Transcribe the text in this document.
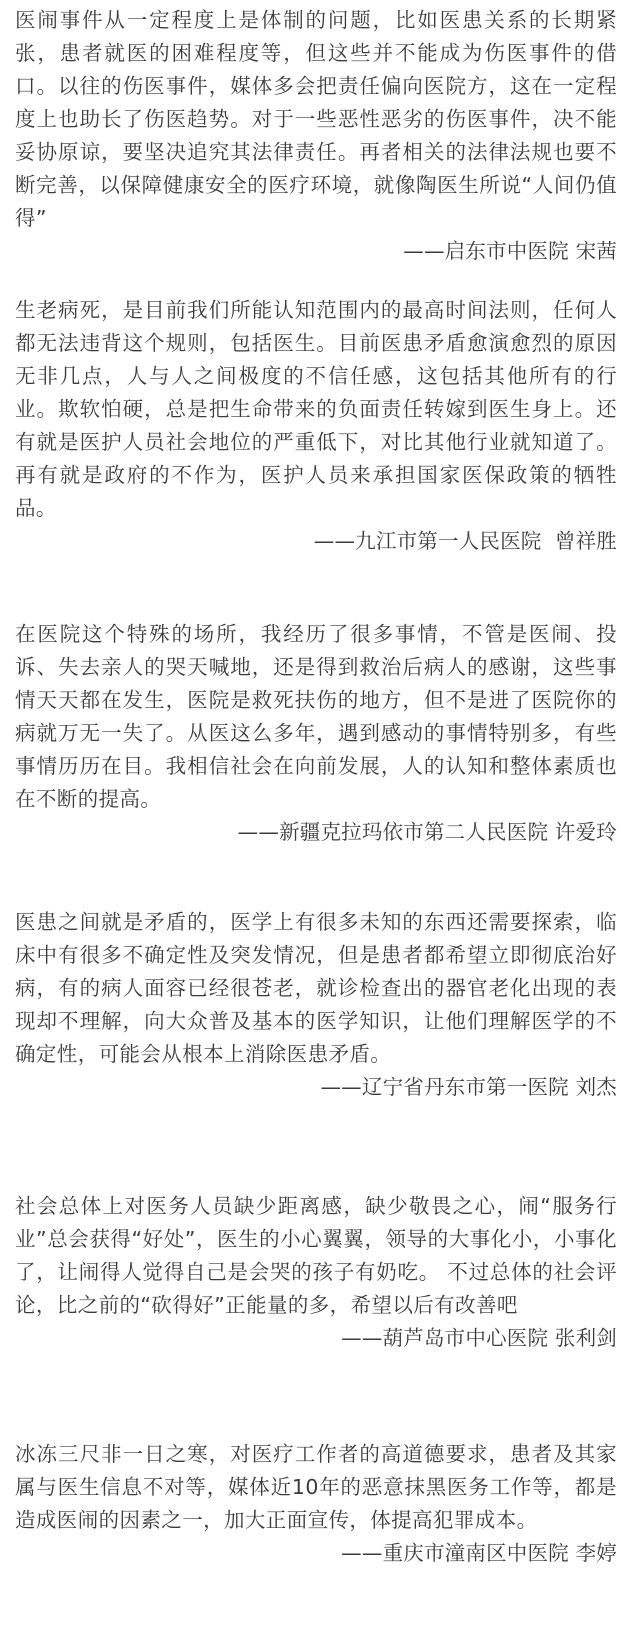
医闹事件从一定程度上是体制的问题，比如医患关系的长期紧张，患者就医的困难程度等，但这些并不能成为伤医事件的借口。以往的伤医事件，媒体多会把责任偏向医院方，这在一定程度上也助长了伤医趋势。对于一些恶性恶劣的伤医事件，决不能妥协原谅，要坚决追究其法律责任。再者相关的法律法规也要不断完善，以保障健康安全的医疗环境，就像陶医生所说“人间仍值得”

——启东市中医院 宋茜

生老病死，是目前我们所能认知范围内的最高时间法则，任何人都无法违背这个规则，包括医生。目前医患矛盾愈演愈烈的原因无非几点，人与人之间极度的不信任感，这包括其他所有的行业。欺软怕硬，总是把生命带来的负面责任转嫁到医生身上。还有就是医护人员社会地位的严重低下，对比其他行业就知道了。再有就是政府的不作为，医护人员来承担国家医保政策的牺牲品。

——九江市第一人民医院  曾祥胜

在医院这个特殊的场所，我经历了很多事情，不管是医闹、投诉、失去亲人的哭天喊地，还是得到救治后病人的感谢，这些事情天天都在发生，医院是救死扶伤的地方，但不是进了医院你的病就万无一失了。从医这么多年，遇到感动的事情特别多，有些事情历历在目。我相信社会在向前发展，人的认知和整体素质也在不断的提高。

——新疆克拉玛依市第二人民医院 许爱玲

医患之间就是矛盾的，医学上有很多未知的东西还需要探索，临床中有很多不确定性及突发情况，但是患者都希望立即彻底治好病，有的病人面容已经很苍老，就诊检查出的器官老化出现的表现却不理解，向大众普及基本的医学知识，让他们理解医学的不确定性，可能会从根本上消除医患矛盾。

——辽宁省丹东市第一医院 刘杰

社会总体上对医务人员缺少距离感，缺少敬畏之心，闹“服务行业”总会获得“好处”，医生的小心翼翼，领导的大事化小，小事化了，让闹得人觉得自己是会哭的孩子有奶吃。 不过总体的社会评论，比之前的“砍得好”正能量的多，希望以后有改善吧

——葫芦岛市中心医院 张利剑

冰冻三尺非一日之寒，对医疗工作者的高道德要求，患者及其家属与医生信息不对等，媒体近10年的恶意抹黑医务工作等，都是造成医闹的因素之一，加大正面宣传，体提高犯罪成本。

——重庆市潼南区中医院 李婷
